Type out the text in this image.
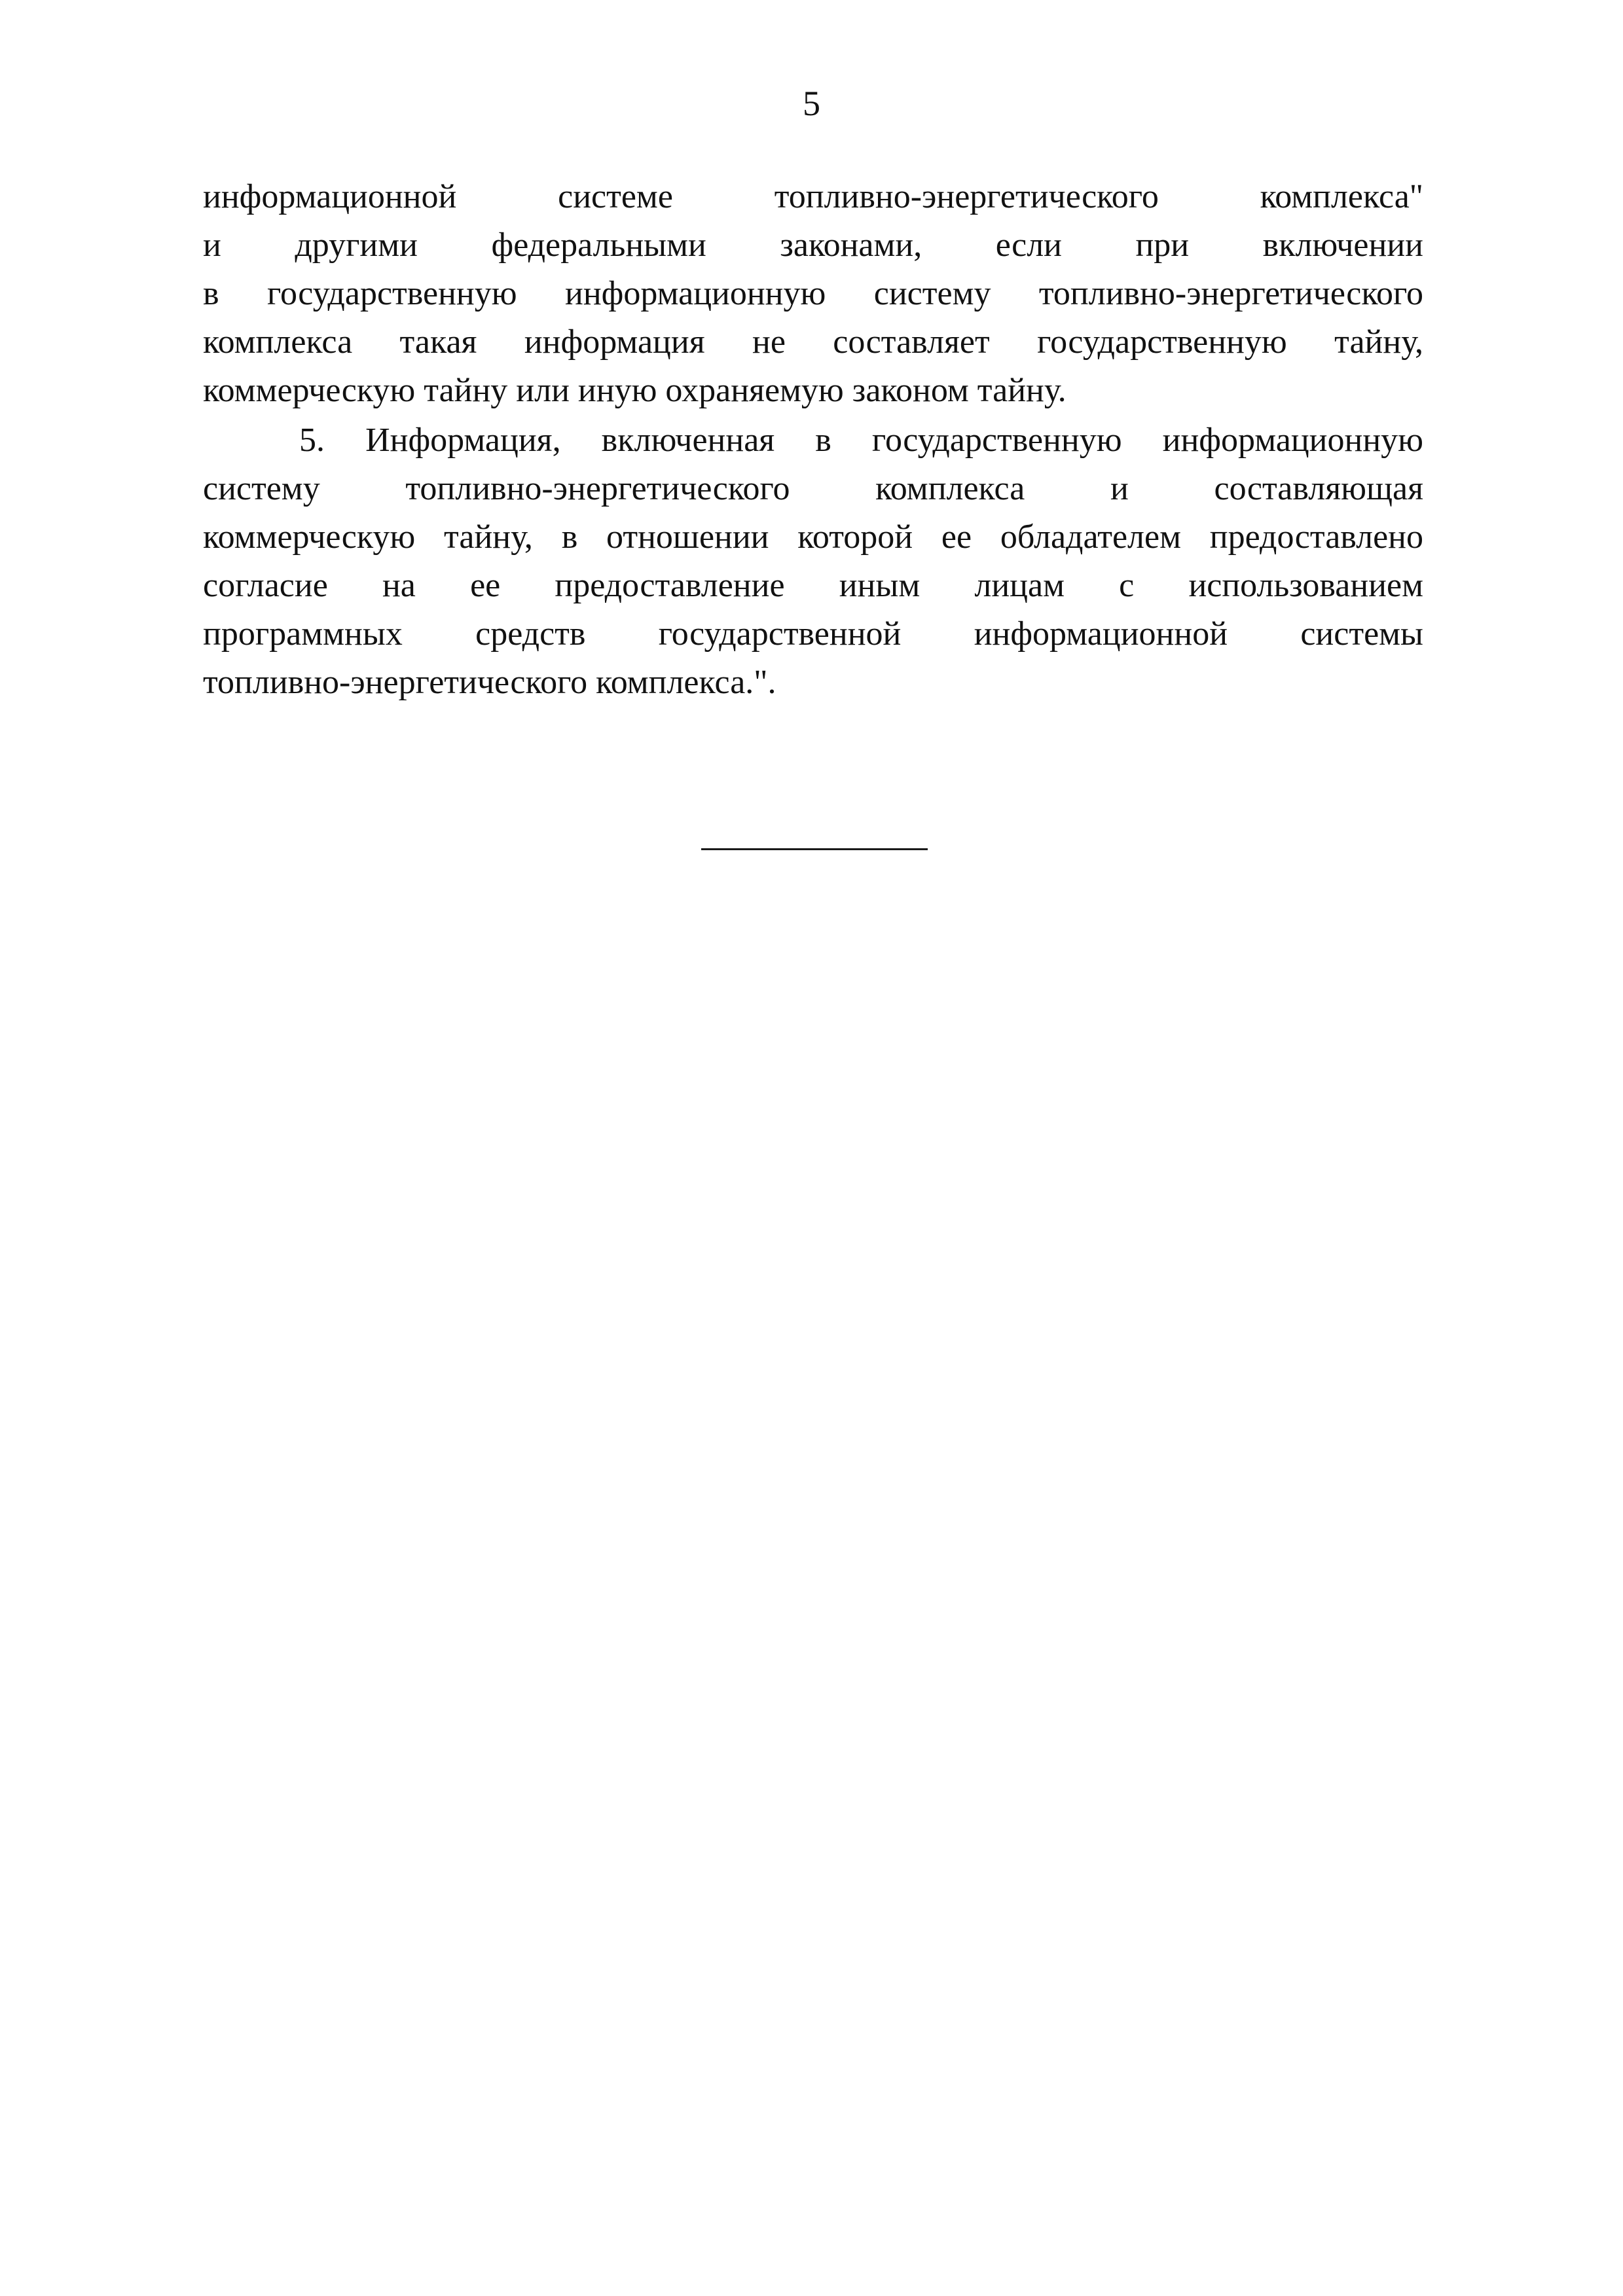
5
информационной системе топливно-энергетического комплекса"
и другими федеральными законами, если при включении
в государственную информационную систему топливно-энергетического
комплекса такая информация не составляет государственную тайну,
коммерческую тайну или иную охраняемую законом тайну.
5. Информация, включенная в государственную информационную
систему топливно-энергетического комплекса и составляющая
коммерческую тайну, в отношении которой ее обладателем предоставлено
согласие на ее предоставление иным лицам с использованием
программных средств государственной информационной системы
топливно-энергетического комплекса.".
